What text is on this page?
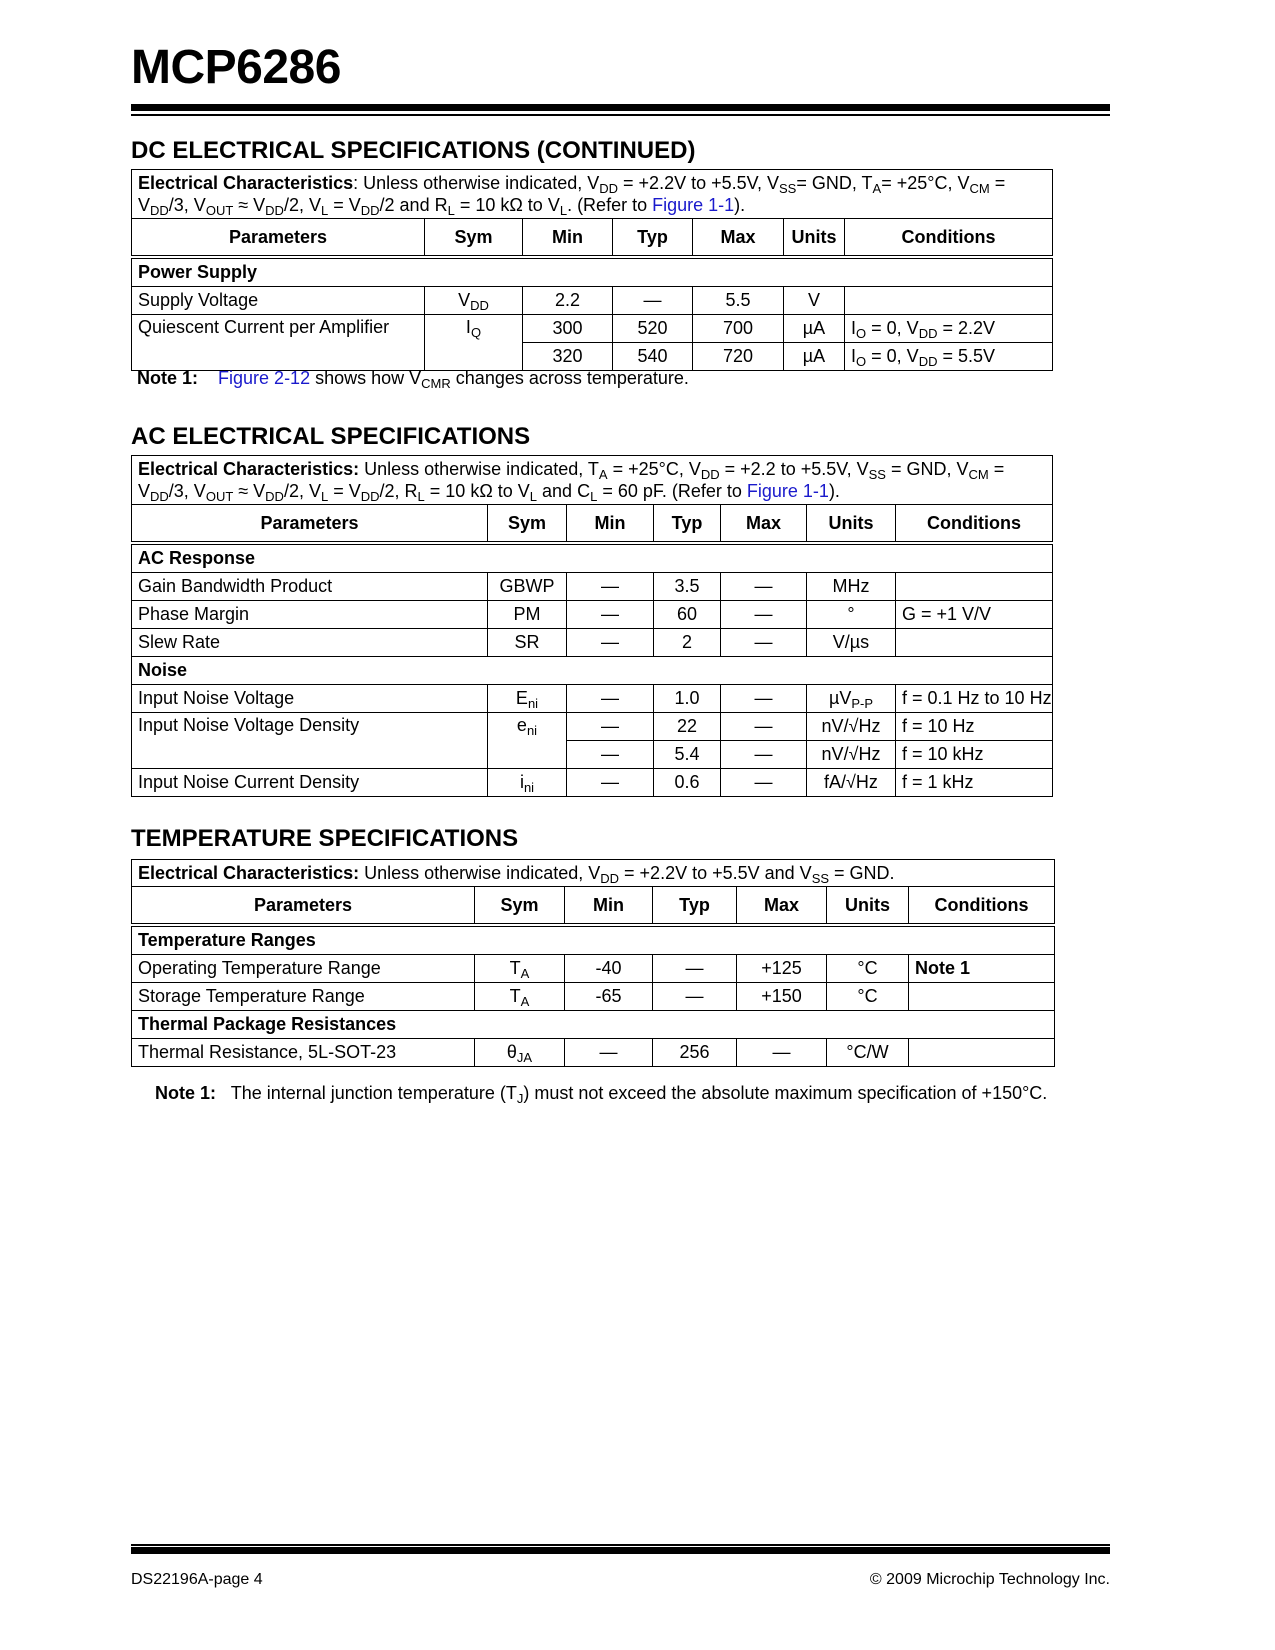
MCP6286
DC ELECTRICAL SPECIFICATIONS (CONTINUED)
Electrical Characteristics: Unless otherwise indicated, $V_{DD} = +2.2V$ to +5.5V, $V_{SS}=$ GND, $T_A= +25^\circ C$, $V_{CM} = V_{DD}/3$, $V_{OUT} \approx V_{DD}/2$, $V_L = V_{DD}/2$ and $R_L = 10$ kΩ to $V_L$. (Refer to Figure 1-1).						
Parameters	Sym	Min	Typ	Max	Units	Conditions
Power Supply						
Supply Voltage	$V_{DD}$	2.2	—	5.5	V	
Quiescent Current per Amplifier	$I_Q$	300	520	700	µA	$I_O = 0$, $V_{DD} = 2.2V$
		320	540	720	µA	$I_O = 0$, $V_{DD} = 5.5V$
Note 1: Figure 2-12 shows how $V_{CMR}$ changes across temperature.
AC ELECTRICAL SPECIFICATIONS
Electrical Characteristics: Unless otherwise indicated, $T_A = +25^\circ C$, $V_{DD} = +2.2$ to +5.5V, $V_{SS}$ = GND, $V_{CM} = V_{DD}/3$, $V_{OUT} \approx V_{DD}/2$, $V_L = V_{DD}/2$, $R_L = 10$ kΩ to $V_L$ and $C_L = 60$ pF. (Refer to Figure 1-1).						
Parameters	Sym	Min	Typ	Max	Units	Conditions
AC Response						
Gain Bandwidth Product	GBWP	—	3.5	—	MHz	
Phase Margin	PM	—	60	—	°	G = +1 V/V
Slew Rate	SR	—	2	—	V/µs	
Noise						
Input Noise Voltage	$E_{ni}$	—	1.0	—	µV$_{P-P}$	f = 0.1 Hz to 10 Hz
Input Noise Voltage Density	$e_{ni}$	—	22	—	nV/√Hz	f = 10 Hz
		—	5.4	—	nV/√Hz	f = 10 kHz
Input Noise Current Density	$i_{ni}$	—	0.6	—	fA/√Hz	f = 1 kHz
TEMPERATURE SPECIFICATIONS
Electrical Characteristics: Unless otherwise indicated, $V_{DD} = +2.2V$ to +5.5V and $V_{SS}$ = GND.						
Parameters	Sym	Min	Typ	Max	Units	Conditions
Temperature Ranges						
Operating Temperature Range	$T_A$	-40	—	+125	°C	Note 1
Storage Temperature Range	$T_A$	-65	—	+150	°C	
Thermal Package Resistances						
Thermal Resistance, 5L-SOT-23	$\theta_{JA}$	—	256	—	°C/W	
Note 1: The internal junction temperature $(T_J)$ must not exceed the absolute maximum specification of +150°C.
DS22196A-page 4	© 2009 Microchip Technology Inc.
